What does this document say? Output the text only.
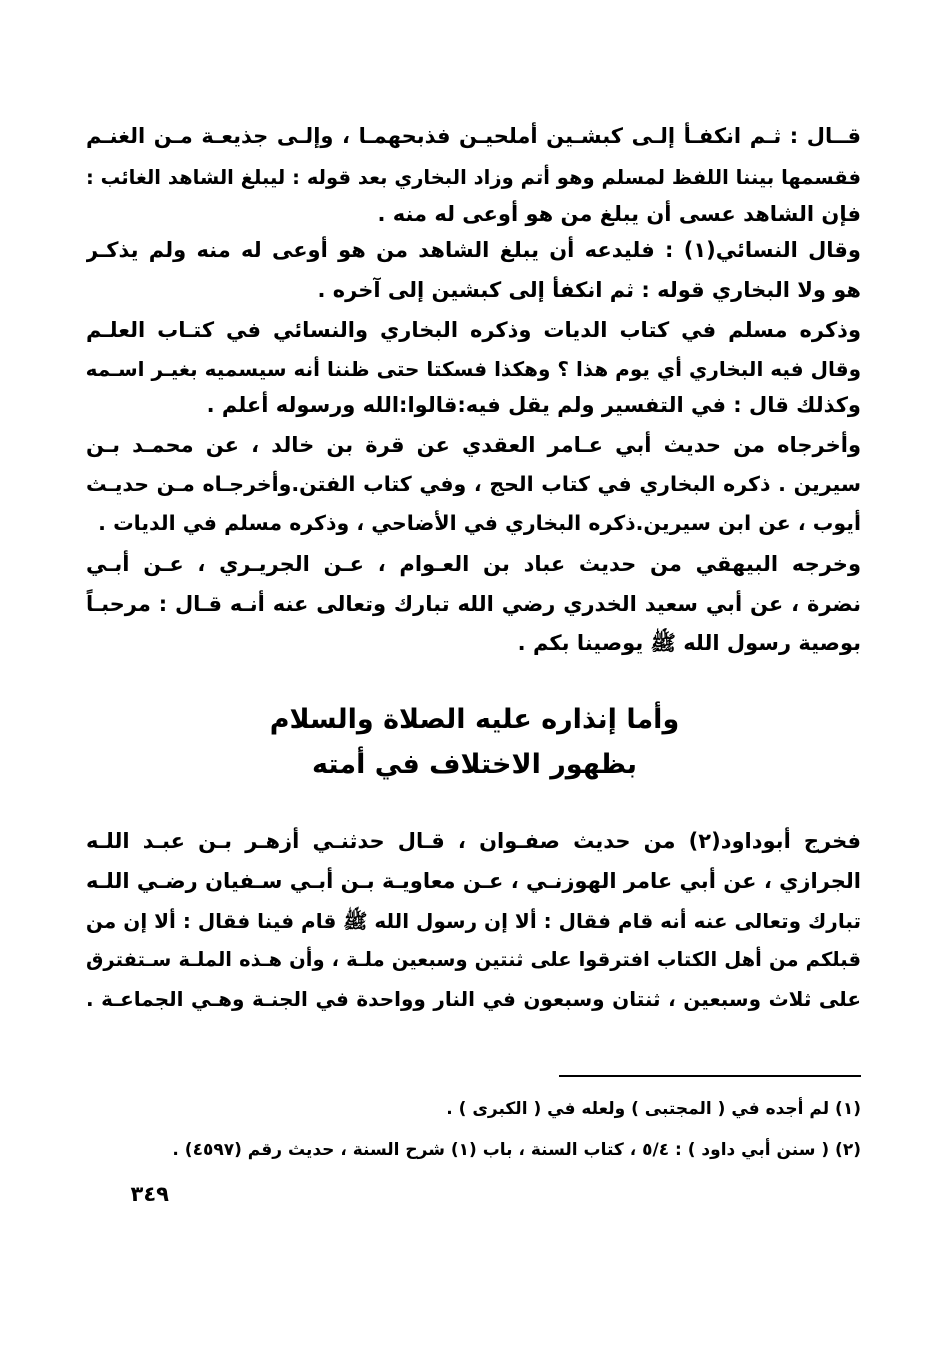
قــال : ثـم انكفـأ إلـى كبشـين أملحيـن فذبحهمـا ، وإلـى جذيعـة مـن الغنـم
فقسمها بيننا اللفظ لمسلم وهو أتم وزاد البخاري بعد قوله : ليبلغ الشاهد الغائب :
فإن الشاهد عسى أن يبلغ من هو أوعى له منه .
وقال النسائي(١) : فليدعه أن يبلغ الشاهد من هو أوعى له منه ولم يذكـر
هو ولا البخاري قوله : ثم انكفأ إلى كبشين إلى آخره .
وذكره مسلم في كتاب الديات وذكره البخاري والنسائي في كتـاب العلـم
وقال فيه البخاري أي يوم هذا ؟ وهكذا فسكتا حتى ظننا أنه سيسميه بغيـر اسـمه
وكذلك قال : في التفسير ولم يقل فيه:قالوا:الله ورسوله أعلم .
وأخرجاه من حديث أبي عـامر العقدي عن قرة بن خالد ، عن محمـد بـن
سيرين . ذكره البخاري في كتاب الحج ، وفي كتاب الفتن.وأخرجـاه مـن حديـث
أيوب ، عن ابن سيرين.ذكره البخاري في الأضاحي ، وذكره مسلم في الديات .
وخرجه البيهقي من حديث عباد بن العـوام ، عـن الجريـري ، عـن أبـي
نضرة ، عن أبي سعيد الخدري رضي الله تبارك وتعالى عنه أنـه قـال : مرحبـاً
بوصية رسول الله ﷺ يوصينا بكم .
وأما إنذاره عليه الصلاة والسلام
بظهور الاختلاف في أمته
فخرج أبوداود(٢) من حديث صفـوان ، قـال حدثنـي أزهـر بـن عبـد اللـه
الجرازي ، عن أبي عامر الهوزنـي ، عـن معاويـة بـن أبـي سـفيان رضـي اللـه
تبارك وتعالى عنه أنه قام فقال : ألا إن رسول الله ﷺ قام فينا فقال : ألا إن من
قبلكم من أهل الكتاب افترقوا على ثنتين وسبعين ملـة ، وأن هـذه الملـة سـتفترق
على ثلاث وسبعين ، ثنتان وسبعون في النار وواحدة في الجنـة وهـي الجماعـة .
(١) لم أجده في ( المجتبى ) ولعله في ( الكبرى ) .
(٢) ( سنن أبي داود ) : ٥/٤ ، كتاب السنة ، باب (١) شرح السنة ، حديث رقم (٤٥٩٧) .
٣٤٩
